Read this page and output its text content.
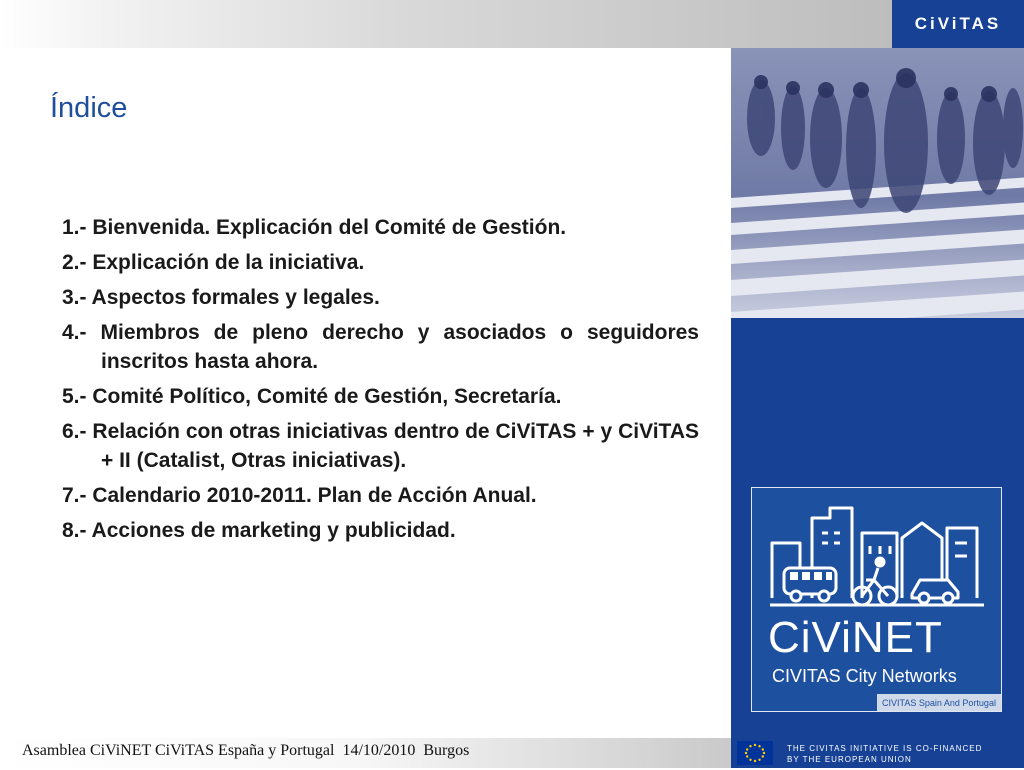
CiViTAS
Índice
1.- Bienvenida. Explicación del Comité de Gestión.
2.- Explicación de la iniciativa.
3.- Aspectos formales y legales.
4.- Miembros de pleno derecho y asociados o seguidores inscritos hasta ahora.
5.- Comité Político, Comité de Gestión, Secretaría.
6.- Relación con otras iniciativas dentro de CiViTAS + y CiViTAS + II (Catalist, Otras iniciativas).
7.- Calendario 2010-2011. Plan de Acción Anual.
8.- Acciones de marketing y publicidad.
CiViNET
CIVITAS City Networks
CIVITAS Spain And Portugal
Asamblea CiViNET CiViTAS España y Portugal  14/10/2010  Burgos	THE CIVITAS INITIATIVE IS CO-FINANCED
BY THE EUROPEAN UNION
